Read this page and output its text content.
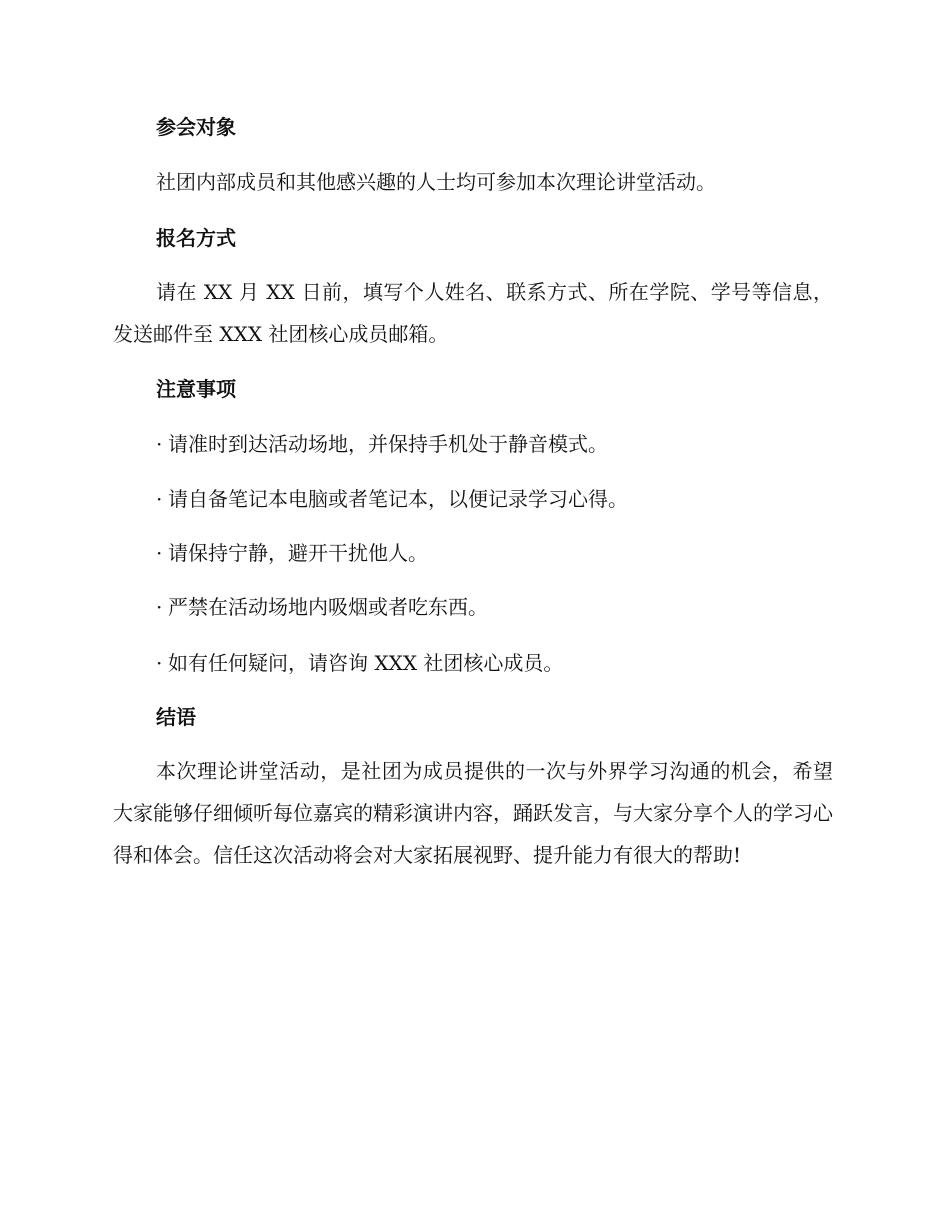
参会对象

社团内部成员和其他感兴趣的人士均可参加本次理论讲堂活动。

报名方式

请在 XX 月 XX 日前，填写个人姓名、联系方式、所在学院、学号等信息，发送邮件至 XXX 社团核心成员邮箱。

注意事项

· 请准时到达活动场地，并保持手机处于静音模式。

· 请自备笔记本电脑或者笔记本，以便记录学习心得。

· 请保持宁静，避开干扰他人。

· 严禁在活动场地内吸烟或者吃东西。

· 如有任何疑问，请咨询 XXX 社团核心成员。

结语

本次理论讲堂活动，是社团为成员提供的一次与外界学习沟通的机会，希望大家能够仔细倾听每位嘉宾的精彩演讲内容，踊跃发言，与大家分享个人的学习心得和体会。信任这次活动将会对大家拓展视野、提升能力有很大的帮助!
